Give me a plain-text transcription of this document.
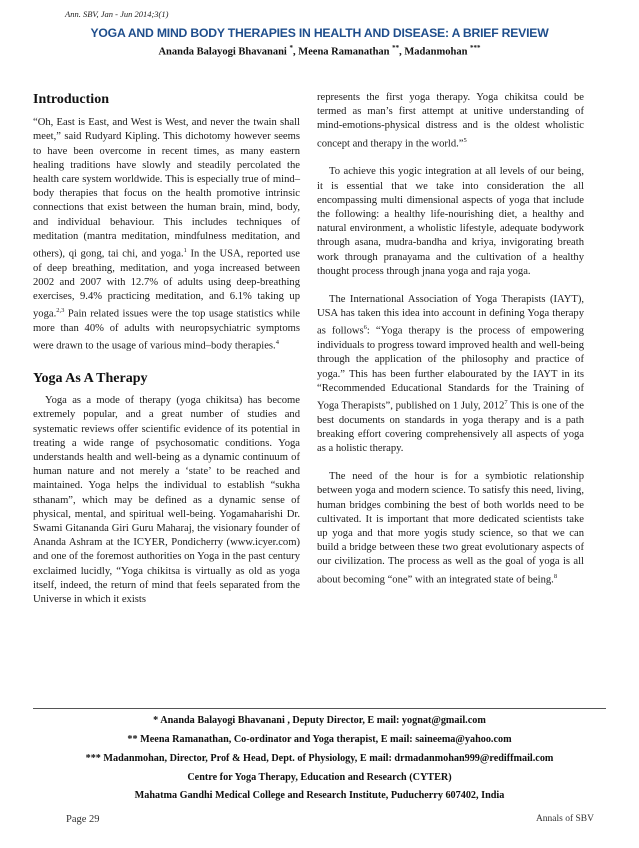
Ann. SBV, Jan - Jun 2014;3(1)
YOGA AND MIND BODY THERAPIES IN HEALTH AND DISEASE: A BRIEF REVIEW
Ananda Balayogi Bhavanani *, Meena Ramanathan **, Madanmohan ***
Introduction

“Oh, East is East, and West is West, and never the twain shall meet,” said Rudyard Kipling. This dichotomy however seems to have been overcome in recent times, as many eastern healing traditions have slowly and steadily percolated the health care system worldwide. This is especially true of mind–body therapies that focus on the health promotive intrinsic connections that exist between the human brain, mind, body, and individual behaviour. This includes techniques of meditation (mantra meditation, mindfulness meditation, and others), qi gong, tai chi, and yoga.$^1$ In the USA, reported use of deep breathing, meditation, and yoga increased between 2002 and 2007 with 12.7% of adults using deep-breathing exercises, 9.4% practicing meditation, and 6.1% taking up yoga.$^{2,3}$ Pain related issues were the top usage statistics while more than 40% of adults with neuropsychiatric symptoms were drawn to the usage of various mind–body therapies.$^4$

Yoga As A Therapy

Yoga as a mode of therapy (yoga chikitsa) has become extremely popular, and a great number of studies and systematic reviews offer scientific evidence of its potential in treating a wide range of psychosomatic conditions. Yoga understands health and well-being as a dynamic continuum of human nature and not merely a ‘state’ to be reached and maintained. Yoga helps the individual to establish “sukha sthanam”, which may be defined as a dynamic sense of physical, mental, and spiritual well-being. Yogamaharishi Dr. Swami Gitananda Giri Guru Maharaj, the visionary founder of Ananda Ashram at the ICYER, Pondicherry (www.icyer.com) and one of the foremost authorities on Yoga in the past century exclaimed lucidly, “Yoga chikitsa is virtually as old as yoga itself, indeed, the return of mind that feels separated from the Universe in which it exists

represents the first yoga therapy. Yoga chikitsa could be termed as man’s first attempt at unitive understanding of mind-emotions-physical distress and is the oldest wholistic concept and therapy in the world.”$^5$

To achieve this yogic integration at all levels of our being, it is essential that we take into consideration the all encompassing multi dimensional aspects of yoga that include the following: a healthy life-nourishing diet, a healthy and natural environment, a wholistic lifestyle, adequate bodywork through asana, mudra-bandha and kriya, invigorating breath work through pranayama and the cultivation of a healthy thought process through jnana yoga and raja yoga.

The International Association of Yoga Therapists (IAYT), USA has taken this idea into account in defining Yoga therapy as follows$^6$: “Yoga therapy is the process of empowering individuals to progress toward improved health and well-being through the application of the philosophy and practice of yoga.” This has been further elabourated by the IAYT in its “Recommended Educational Standards for the Training of Yoga Therapists”, published on 1 July, 2012$^7$ This is one of the best documents on standards in yoga therapy and is a path breaking effort covering comprehensively all aspects of yoga as a holistic therapy.

The need of the hour is for a symbiotic relationship between yoga and modern science. To satisfy this need, living, human bridges combining the best of both worlds need to be cultivated. It is important that more dedicated scientists take up yoga and that more yogis study science, so that we can build a bridge between these two great evolutionary aspects of our civilization. The process as well as the goal of yoga is all about becoming “one” with an integrated state of being.$^8$

* Ananda Balayogi Bhavanani , Deputy Director, E mail: yognat@gmail.com
** Meena Ramanathan, Co-ordinator and Yoga therapist, E mail: saineema@yahoo.com
*** Madanmohan, Director, Prof & Head, Dept. of Physiology, E mail: drmadanmohan999@rediffmail.com
Centre for Yoga Therapy, Education and Research (CYTER)
Mahatma Gandhi Medical College and Research Institute, Puducherry 607402, India
Page 29	Annals of SBV
